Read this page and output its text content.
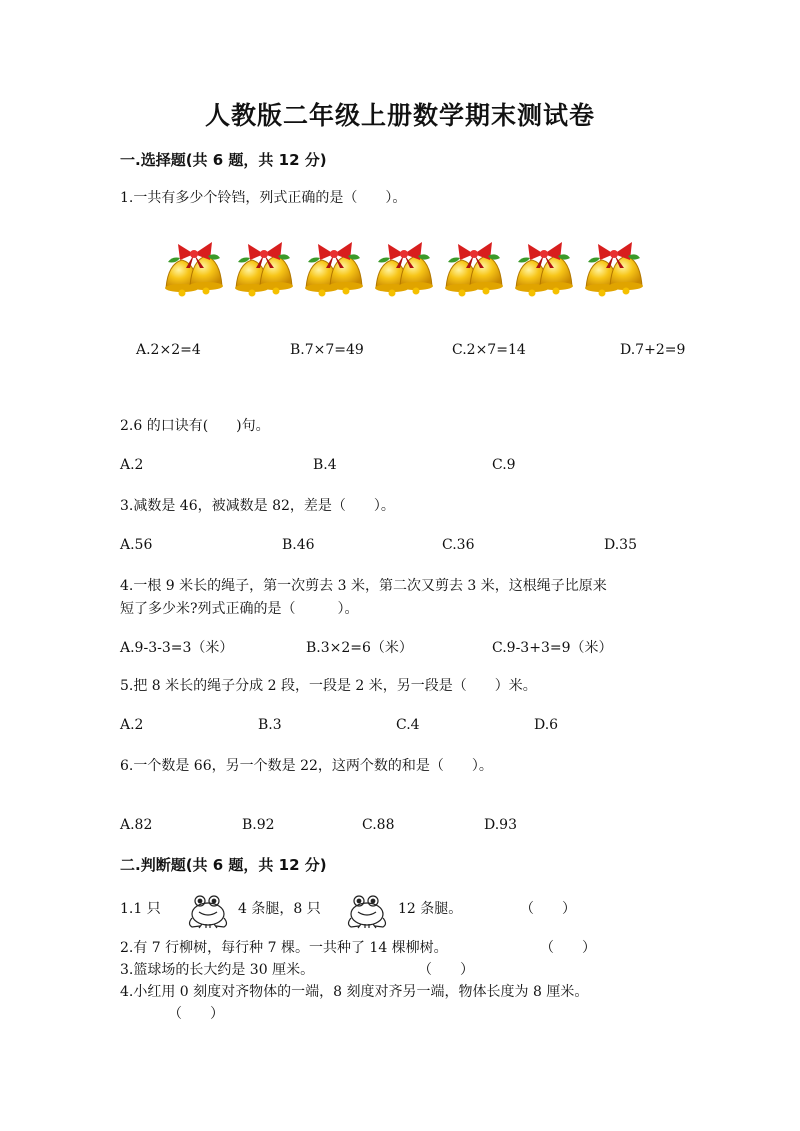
人教版二年级上册数学期末测试卷
一.选择题(共 6 题，共 12 分)
1.一共有多少个铃铛，列式正确的是（　　）。
A.2×2=4	B.7×7=49	C.2×7=14	D.7+2=9
2.6 的口诀有(　　)句。
A.2	B.4	C.9
3.减数是 46，被减数是 82，差是（　　）。
A.56	B.46	C.36	D.35
4.一根 9 米长的绳子，第一次剪去 3 米，第二次又剪去 3 米，这根绳子比原来
短了多少米?列式正确的是（　　　）。
A.9-3-3=3（米）	B.3×2=6（米）	C.9-3+3=9（米）
5.把 8 米长的绳子分成 2 段，一段是 2 米，另一段是（　　）米。
A.2	B.3	C.4	D.6
6.一个数是 66，另一个数是 22，这两个数的和是（　　）。
A.82	B.92	C.88	D.93
二.判断题(共 6 题，共 12 分)
1.1 只	4 条腿，8 只	12 条腿。	（　　）
2.有 7 行柳树，每行种 7 棵。一共种了 14 棵柳树。	（　　）
3.篮球场的长大约是 30 厘米。	（　　）
4.小红用 0 刻度对齐物体的一端，8 刻度对齐另一端，物体长度为 8 厘米。
（　　）
